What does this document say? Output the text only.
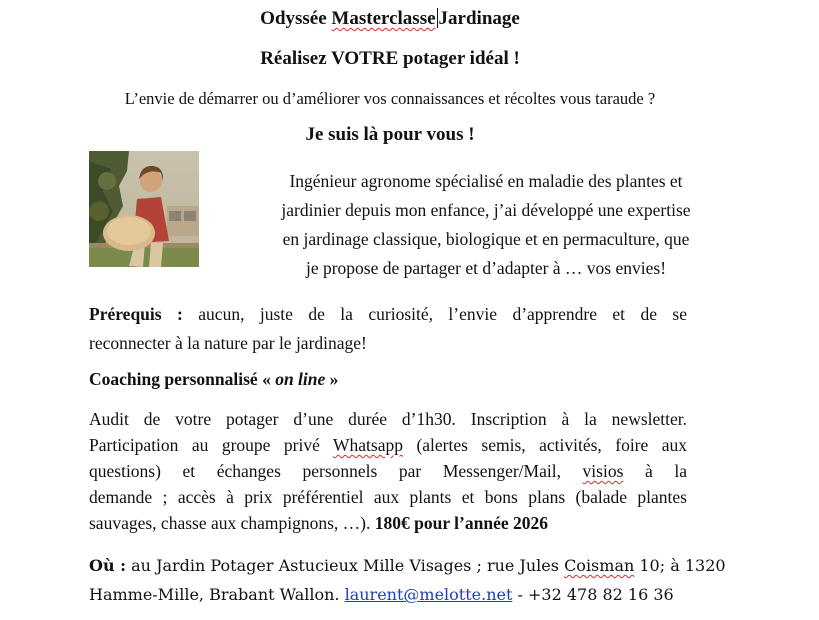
Odyssée Masterclasse Jardinage
Réalisez VOTRE potager idéal !
L’envie de démarrer ou d’améliorer vos connaissances et récoltes vous taraude ?
Je suis là pour vous !
Ingénieur agronome spécialisé en maladie des plantes et
jardinier depuis mon enfance, j’ai développé une expertise
en jardinage classique, biologique et en permaculture, que
je propose de partager et d’adapter à … vos envies!
Prérequis : aucun, juste de la curiosité, l’envie d’apprendre et de se
reconnecter à la nature par le jardinage!
Coaching personnalisé « on line »
Audit de votre potager d’une durée d’1h30. Inscription à la newsletter.
Participation au groupe privé Whatsapp (alertes semis, activités, foire aux
questions) et échanges personnels par Messenger/Mail, visios à la
demande ; accès à prix préférentiel aux plants et bons plans (balade plantes
sauvages, chasse aux champignons, …). 180€ pour l’année 2026
Où : au Jardin Potager Astucieux Mille Visages ; rue Jules Coisman 10; à 1320
Hamme-Mille, Brabant Wallon. laurent@melotte.net - +32 478 82 16 36
